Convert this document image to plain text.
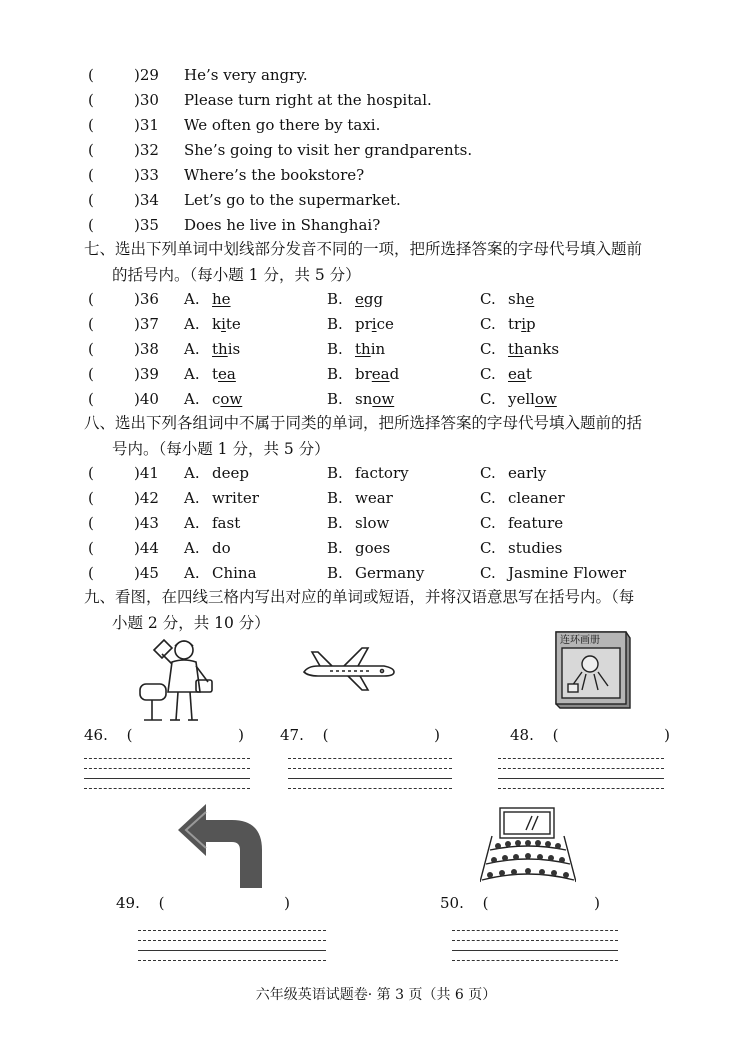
(	)29 He’s very angry.
(	)30 Please turn right at the hospital.
(	)31 We often go there by taxi.
(	)32 She’s going to visit her grandparents.
(	)33 Where’s the bookstore?
(	)34 Let’s go to the supermarket.
(	)35 Does he live in Shanghai?
七、选出下列单词中划线部分发音不同的一项，把所选择答案的字母代号填入题前
的括号内。（每小题 1 分，共 5 分）
(	)36 A. he	B. egg	C. she
(	)37 A. kite	B. price	C. trip
(	)38 A. this	B. thin	C. thanks
(	)39 A. tea	B. bread	C. eat
(	)40 A. cow	B. snow	C. yellow
八、选出下列各组词中不属于同类的单词，把所选择答案的字母代号填入题前的括
号内。（每小题 1 分，共 5 分）
(	)41 A. deep	B. factory	C. early
(	)42 A. writer	B. wear	C. cleaner
(	)43 A. fast	B. slow	C. feature
(	)44 A. do	B. goes	C. studies
(	)45 A. China	B. Germany	C. Jasmine Flower
九、看图，在四线三格内写出对应的单词或短语，并将汉语意思写在括号内。（每
小题 2 分，共 10 分）
连环画册
46. (	) 47. (	)	48. (	)
49. (	)	50. (	)
六年级英语试题卷· 第 3 页（共 6 页）
